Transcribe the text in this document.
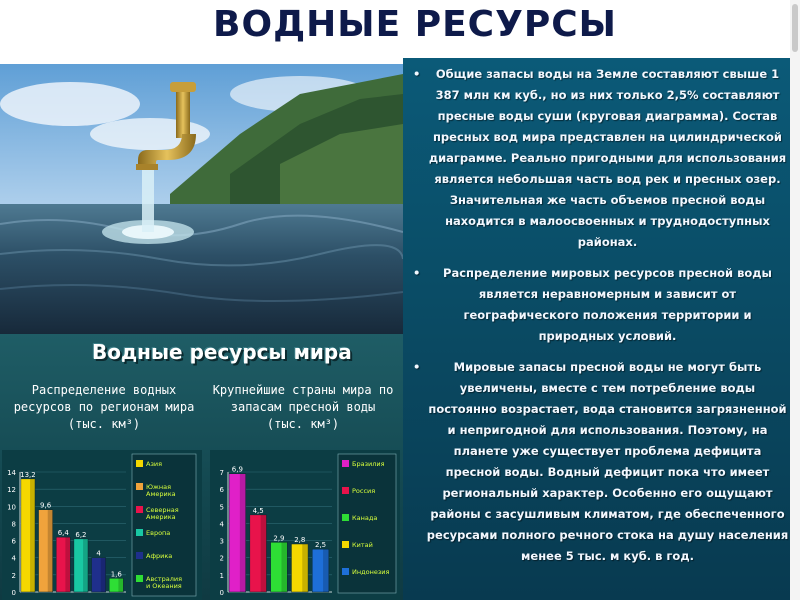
ВОДНЫЕ РЕСУРСЫ
Водные ресурсы мира
Распределение водных ресурсов по регионам мира (тыс. км³)
Крупнейшие страны мира по запасам пресной воды (тыс. км³)
0
2
4
6
8
10
12
14 13,2
9,6
6,4 6,2
4
1,6
Азия
Южная
Америка
Северная
Америка
Европа
Африка
Австралия
и Океания
0
1
2
3
4
5
6
7 6,9
4,5
2,9 2,8
2,5
Бразилия
Россия
Канада
Китай
Индонезия
• Общие запасы воды на Земле составляют свыше 1 387 млн км куб., но из них только 2,5% составляют пресные воды суши (круговая диаграмма). Состав пресных вод мира представлен на цилиндрической диаграмме. Реально пригодными для использования является небольшая часть вод рек и пресных озер. Значительная же часть объемов пресной воды находится в малоосвоенных и труднодоступных районах.
• Распределение мировых ресурсов пресной воды является неравномерным и зависит от географического положения территории и природных условий.
•	Мировые запасы пресной воды не могут быть увеличены, вместе с тем потребление воды постоянно возрастает, вода становится загрязненной и непригодной для использования. Поэтому, на планете уже существует проблема дефицита пресной воды. Водный дефицит пока что имеет региональный характер. Особенно его ощущают районы с засушливым климатом, где обеспеченного ресурсами полного речного стока на душу населения менее 5 тыс. м куб. в год.
